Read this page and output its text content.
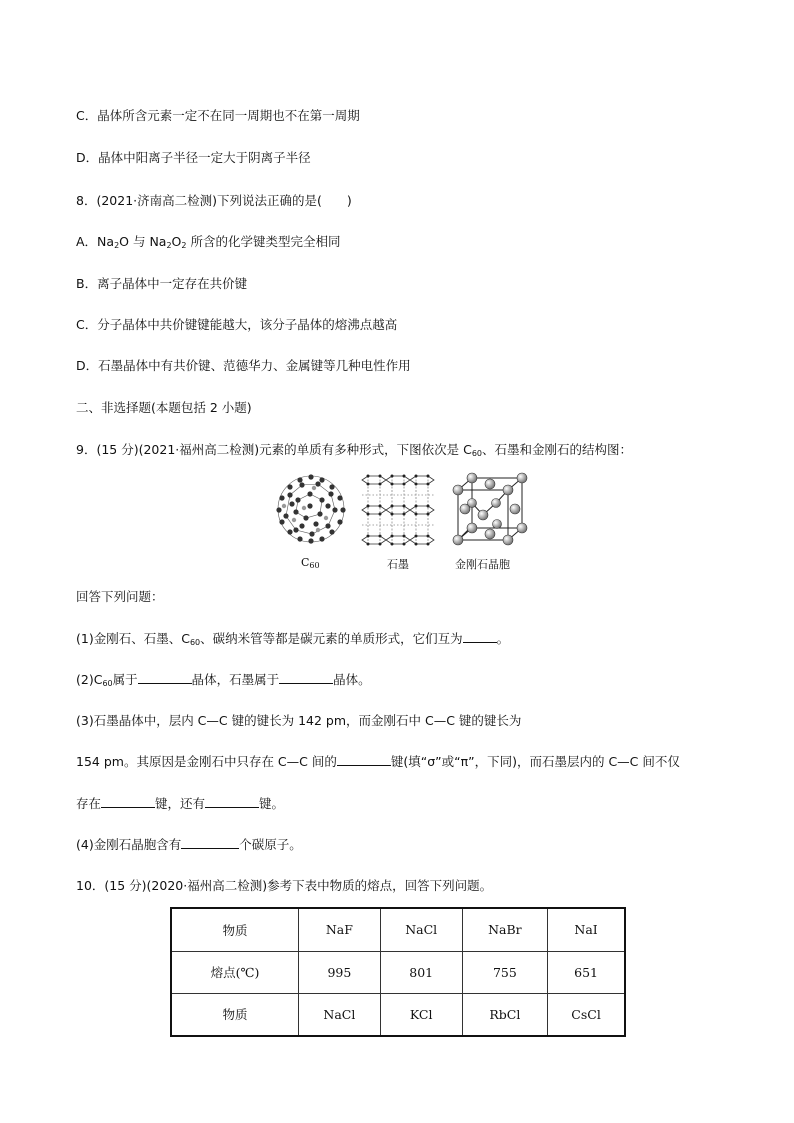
C．晶体所含元素一定不在同一周期也不在第一周期
D．晶体中阳离子半径一定大于阴离子半径
8．(2021·济南高二检测)下列说法正确的是(　　)
A．$Na_2O$ 与 $Na_2O_2$ 所含的化学键类型完全相同
B．离子晶体中一定存在共价键
C．分子晶体中共价键键能越大，该分子晶体的熔沸点越高
D．石墨晶体中有共价键、范德华力、金属键等几种电性作用
二、非选择题(本题包括 2 小题)
9．(15 分)(2021·福州高二检测)元素的单质有多种形式，下图依次是 $C_{60}$、石墨和金刚石的结构图：
$C_{60}$	石墨	金刚石晶胞
回答下列问题：
(1)金刚石、石墨、$C_{60}$、碳纳米管等都是碳元素的单质形式，它们互为	。
$(2)C_{60}$属于	晶体，石墨属于	晶体。
(3)石墨晶体中，层内 C—C 键的键长为 142 pm，而金刚石中 C—C 键的键长为
154 pm。其原因是金刚石中只存在 C—C 间的	键(填“σ”或“π”，下同)，而石墨层内的 C—C 间不仅
存在	键，还有	键。
(4)金刚石晶胞含有	个碳原子。
10．(15 分)(2020·福州高二检测)参考下表中物质的熔点，回答下列问题。
物质	NaF	NaCl	NaBr	NaI
熔点(℃)	995	801	755	651
物质	NaCl	KCl	RbCl	CsCl
